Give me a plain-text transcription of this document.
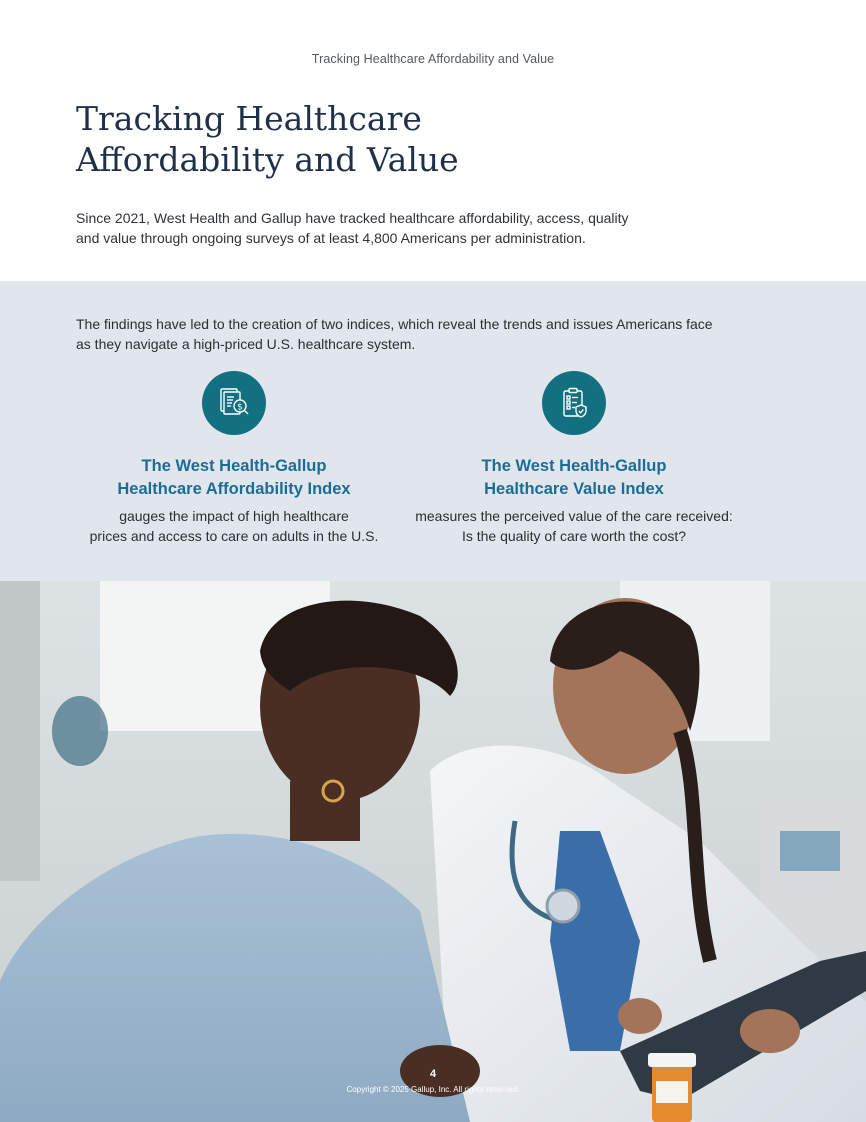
Tracking Healthcare Affordability and Value
Tracking Healthcare
Affordability and Value

Since 2021, West Health and Gallup have tracked healthcare affordability, access, quality
and value through ongoing surveys of at least 4,800 Americans per administration.

The findings have led to the creation of two indices, which reveal the trends and issues Americans face
as they navigate a high-priced U.S. healthcare system.

$
The West Health-Gallup
Healthcare Affordability Index
gauges the impact of high healthcare
prices and access to care on adults in the U.S.
The West Health-Gallup
Healthcare Value Index
measures the perceived value of the care received:
Is the quality of care worth the cost?
4
Copyright © 2025 Gallup, Inc. All rights reserved.
